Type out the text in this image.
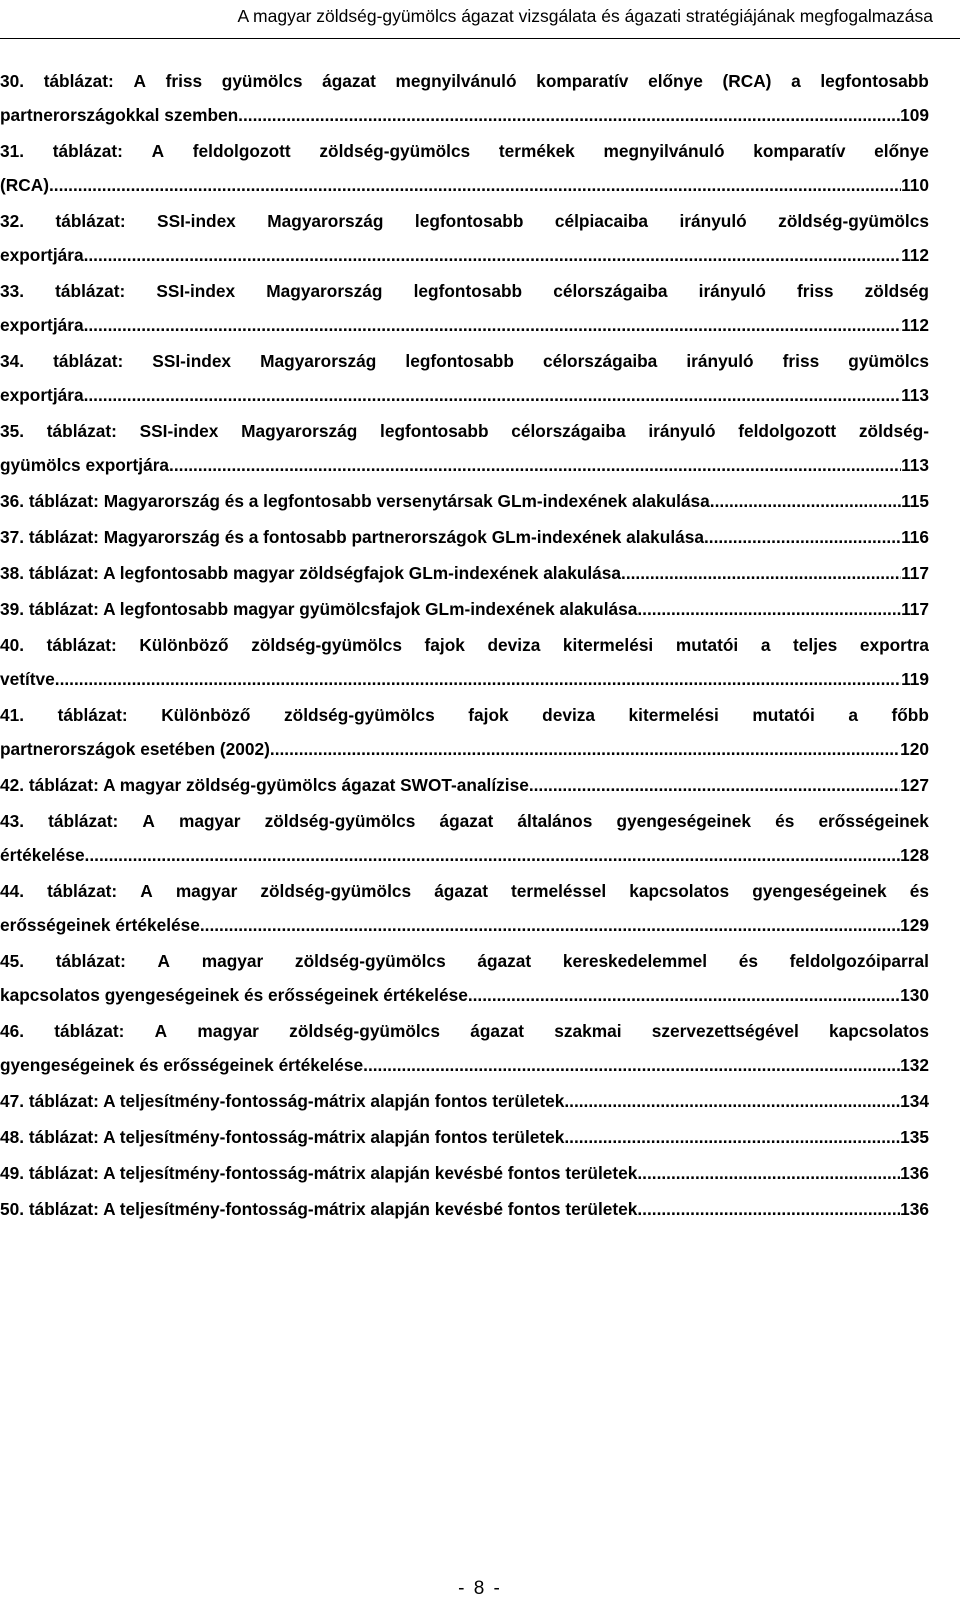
A magyar zöldség-gyümölcs ágazat vizsgálata és ágazati stratégiájának megfogalmazása
30. táblázat: A friss gyümölcs ágazat megnyilvánuló komparatív előnye (RCA) a legfontosabb
partnerországokkal szemben. .....	109
31. táblázat: A feldolgozott zöldség-gyümölcs termékek megnyilvánuló komparatív előnye
(RCA). .....	110
32. táblázat: SSI-index Magyarország legfontosabb célpiacaiba irányuló zöldség-gyümölcs
exportjára. .....	112
33. táblázat: SSI-index Magyarország legfontosabb célországaiba irányuló friss zöldség
exportjára. .....	112
34. táblázat: SSI-index Magyarország legfontosabb célországaiba irányuló friss gyümölcs
exportjára. .....	113
35. táblázat: SSI-index Magyarország legfontosabb célországaiba irányuló feldolgozott zöldség-
gyümölcs exportjára. .....	113
36. táblázat: Magyarország és a legfontosabb versenytársak GLm-indexének alakulása. .....	115
37. táblázat: Magyarország és a fontosabb partnerországok GLm-indexének alakulása. .....	116
38. táblázat: A legfontosabb magyar zöldségfajok GLm-indexének alakulása. .....	117
39. táblázat: A legfontosabb magyar gyümölcsfajok GLm-indexének alakulása. .....	117
40. táblázat: Különböző zöldség-gyümölcs fajok deviza kitermelési mutatói a teljes exportra
vetítve. .....	119
41. táblázat: Különböző zöldség-gyümölcs fajok deviza kitermelési mutatói a főbb
partnerországok esetében (2002). .....	120
42. táblázat: A magyar zöldség-gyümölcs ágazat SWOT-analízise. .....	127
43. táblázat: A magyar zöldség-gyümölcs ágazat általános gyengeségeinek és erősségeinek
értékelése. .....	128
44. táblázat: A magyar zöldség-gyümölcs ágazat termeléssel kapcsolatos gyengeségeinek és
erősségeinek értékelése. .....	129
45. táblázat: A magyar zöldség-gyümölcs ágazat kereskedelemmel és feldolgozóiparral
kapcsolatos gyengeségeinek és erősségeinek értékelése. .....	130
46. táblázat: A magyar zöldség-gyümölcs ágazat szakmai szervezettségével kapcsolatos
gyengeségeinek és erősségeinek értékelése. .....	132
47. táblázat: A teljesítmény-fontosság-mátrix alapján fontos területek. .....	134
48. táblázat: A teljesítmény-fontosság-mátrix alapján fontos területek. .....	135
49. táblázat: A teljesítmény-fontosság-mátrix alapján kevésbé fontos területek. .....	136
50. táblázat: A teljesítmény-fontosság-mátrix alapján kevésbé fontos területek. .....	136
- 8 -
